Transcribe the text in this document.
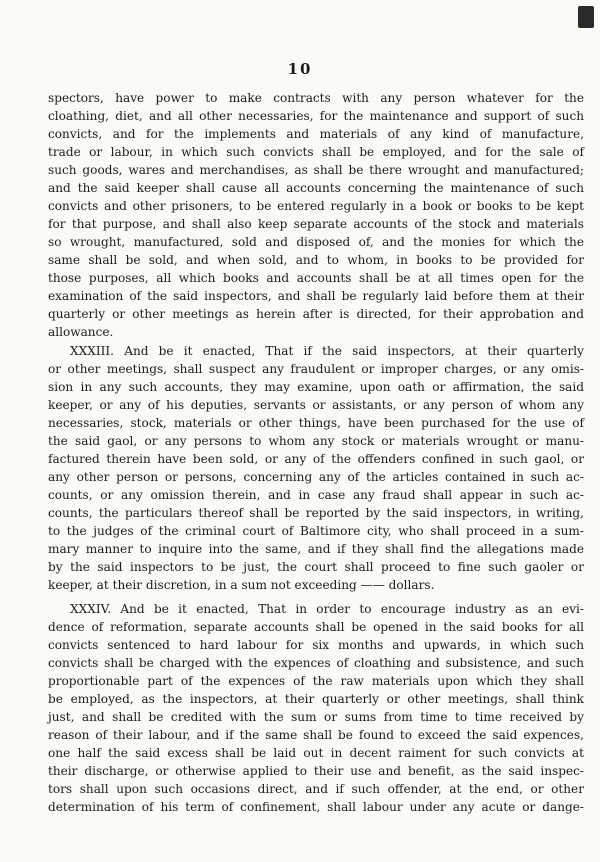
10
spectors, have power to make contracts with any person whatever for the
cloathing, diet, and all other necessaries, for the maintenance and support of such
convicts, and for the implements and materials of any kind of manufacture,
trade or labour, in which such convicts shall be employed, and for the sale of
such goods, wares and merchandises, as shall be there wrought and manufactured;
and the said keeper shall cause all accounts concerning the maintenance of such
convicts and other prisoners, to be entered regularly in a book or books to be kept
for that purpose, and shall also keep separate accounts of the stock and materials
so wrought, manufactured, sold and disposed of, and the monies for which the
same shall be sold, and when sold, and to whom, in books to be provided for
those purposes, all which books and accounts shall be at all times open for the
examination of the said inspectors, and shall be regularly laid before them at their
quarterly or other meetings as herein after is directed, for their approbation and
allowance.
XXXIII. And be it enacted, That if the said inspectors, at their quarterly
or other meetings, shall suspect any fraudulent or improper charges, or any omis-
sion in any such accounts, they may examine, upon oath or affirmation, the said
keeper, or any of his deputies, servants or assistants, or any person of whom any
necessaries, stock, materials or other things, have been purchased for the use of
the said gaol, or any persons to whom any stock or materials wrought or manu-
factured therein have been sold, or any of the offenders confined in such gaol, or
any other person or persons, concerning any of the articles contained in such ac-
counts, or any omission therein, and in case any fraud shall appear in such ac-
counts, the particulars thereof shall be reported by the said inspectors, in writing,
to the judges of the criminal court of Baltimore city, who shall proceed in a sum-
mary manner to inquire into the same, and if they shall find the allegations made
by the said inspectors to be just, the court shall proceed to fine such gaoler or
keeper, at their discretion, in a sum not exceeding —— dollars.
XXXIV. And be it enacted, That in order to encourage industry as an evi-
dence of reformation, separate accounts shall be opened in the said books for all
convicts sentenced to hard labour for six months and upwards, in which such
convicts shall be charged with the expences of cloathing and subsistence, and such
proportionable part of the expences of the raw materials upon which they shall
be employed, as the inspectors, at their quarterly or other meetings, shall think
just, and shall be credited with the sum or sums from time to time received by
reason of their labour, and if the same shall be found to exceed the said expences,
one half the said excess shall be laid out in decent raiment for such convicts at
their discharge, or otherwise applied to their use and benefit, as the said inspec-
tors shall upon such occasions direct, and if such offender, at the end, or other
determination of his term of confinement, shall labour under any acute or dange-
